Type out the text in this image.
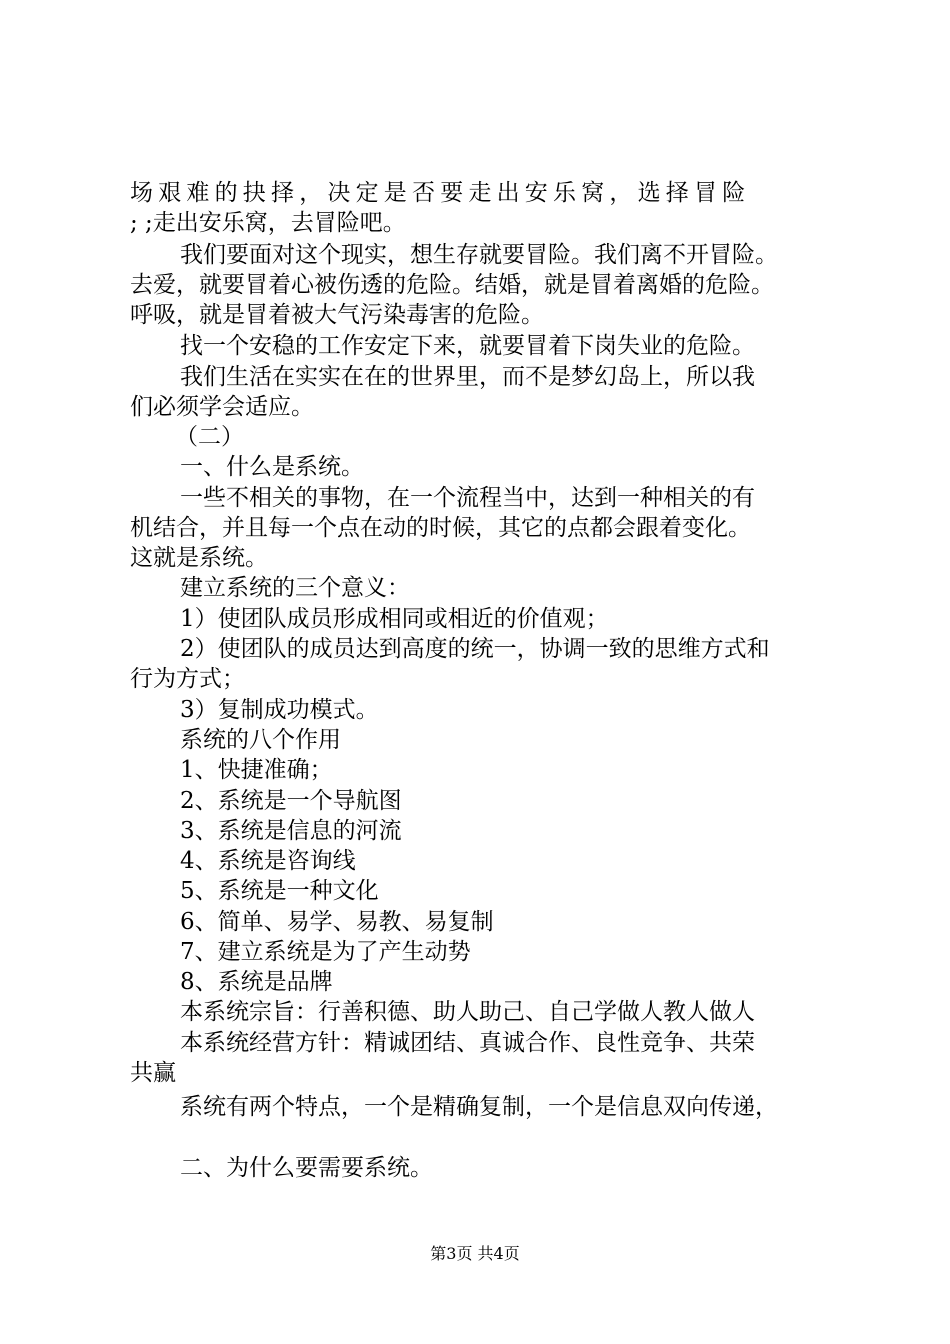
场艰难的抉择，决定是否要走出安乐窝，选择冒险
; ;走出安乐窝，去冒险吧。
我们要面对这个现实，想生存就要冒险。我们离不开冒险。
去爱，就要冒着心被伤透的危险。结婚，就是冒着离婚的危险。
呼吸，就是冒着被大气污染毒害的危险。
找一个安稳的工作安定下来，就要冒着下岗失业的危险。
我们生活在实实在在的世界里，而不是梦幻岛上，所以我
们必须学会适应。
（二）
一、什么是系统。
一些不相关的事物，在一个流程当中，达到一种相关的有
机结合，并且每一个点在动的时候，其它的点都会跟着变化。
这就是系统。
建立系统的三个意义：
1）使团队成员形成相同或相近的价值观；
2）使团队的成员达到高度的统一，协调一致的思维方式和
行为方式；
3）复制成功模式。
系统的八个作用
1、快捷准确；
2、系统是一个导航图
3、系统是信息的河流
4、系统是咨询线
5、系统是一种文化
6、简单、易学、易教、易复制
7、建立系统是为了产生动势
8、系统是品牌
本系统宗旨：行善积德、助人助己、自己学做人教人做人
本系统经营方针：精诚团结、真诚合作、良性竞争、共荣
共赢
系统有两个特点，一个是精确复制，一个是信息双向传递，
二、为什么要需要系统。
第3页 共4页
